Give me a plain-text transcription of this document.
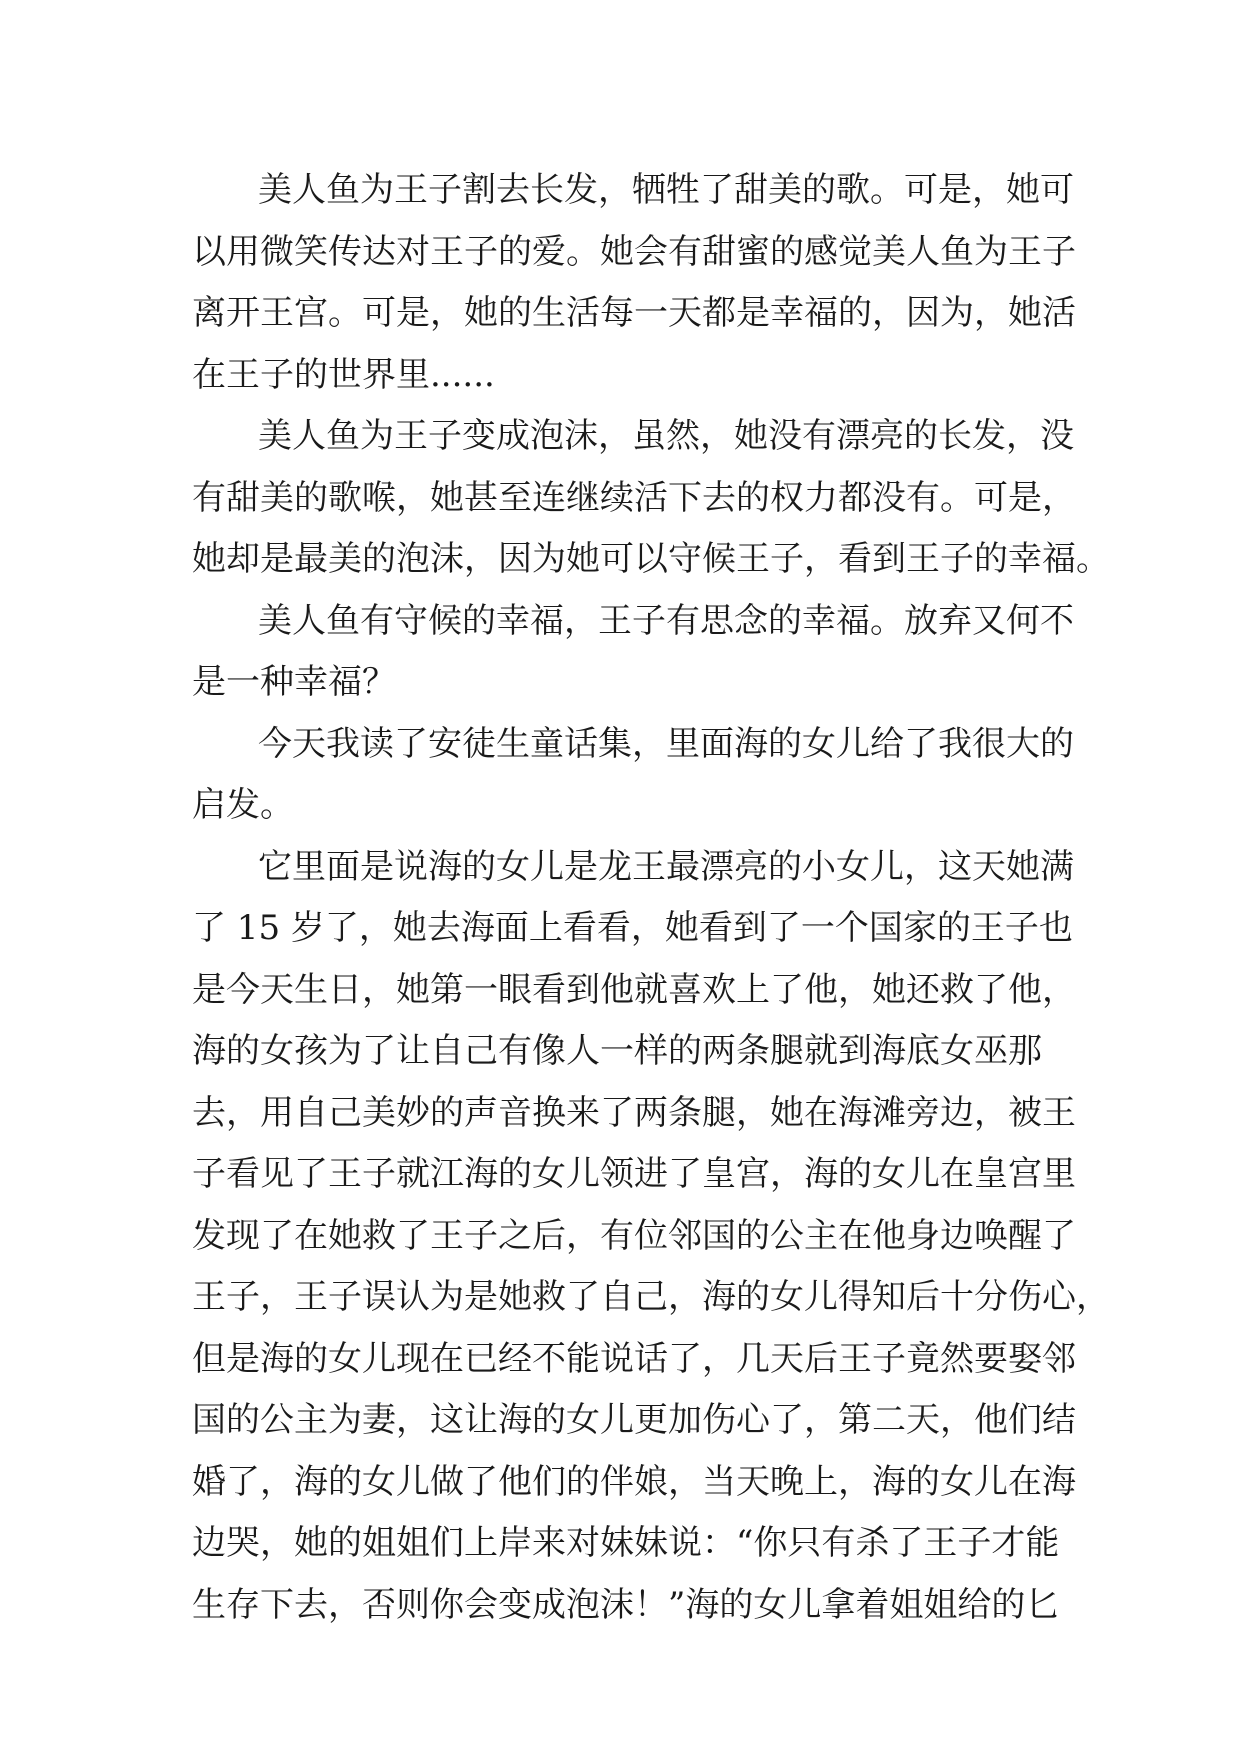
美人鱼为王子割去长发，牺牲了甜美的歌。可是，她可
以用微笑传达对王子的爱。她会有甜蜜的感觉美人鱼为王子
离开王宫。可是，她的生活每一天都是幸福的，因为，她活
在王子的世界里......
美人鱼为王子变成泡沫，虽然，她没有漂亮的长发，没
有甜美的歌喉，她甚至连继续活下去的权力都没有。可是，
她却是最美的泡沫，因为她可以守候王子，看到王子的幸福。
美人鱼有守候的幸福，王子有思念的幸福。放弃又何不
是一种幸福？
今天我读了安徒生童话集，里面海的女儿给了我很大的
启发。
它里面是说海的女儿是龙王最漂亮的小女儿，这天她满
了 15 岁了，她去海面上看看，她看到了一个国家的王子也
是今天生日，她第一眼看到他就喜欢上了他，她还救了他，
海的女孩为了让自己有像人一样的两条腿就到海底女巫那
去，用自己美妙的声音换来了两条腿，她在海滩旁边，被王
子看见了王子就江海的女儿领进了皇宫，海的女儿在皇宫里
发现了在她救了王子之后，有位邻国的公主在他身边唤醒了
王子，王子误认为是她救了自己，海的女儿得知后十分伤心，
但是海的女儿现在已经不能说话了，几天后王子竟然要娶邻
国的公主为妻，这让海的女儿更加伤心了，第二天，他们结
婚了，海的女儿做了他们的伴娘，当天晚上，海的女儿在海
边哭，她的姐姐们上岸来对妹妹说：“你只有杀了王子才能
生存下去，否则你会变成泡沫！”海的女儿拿着姐姐给的匕
